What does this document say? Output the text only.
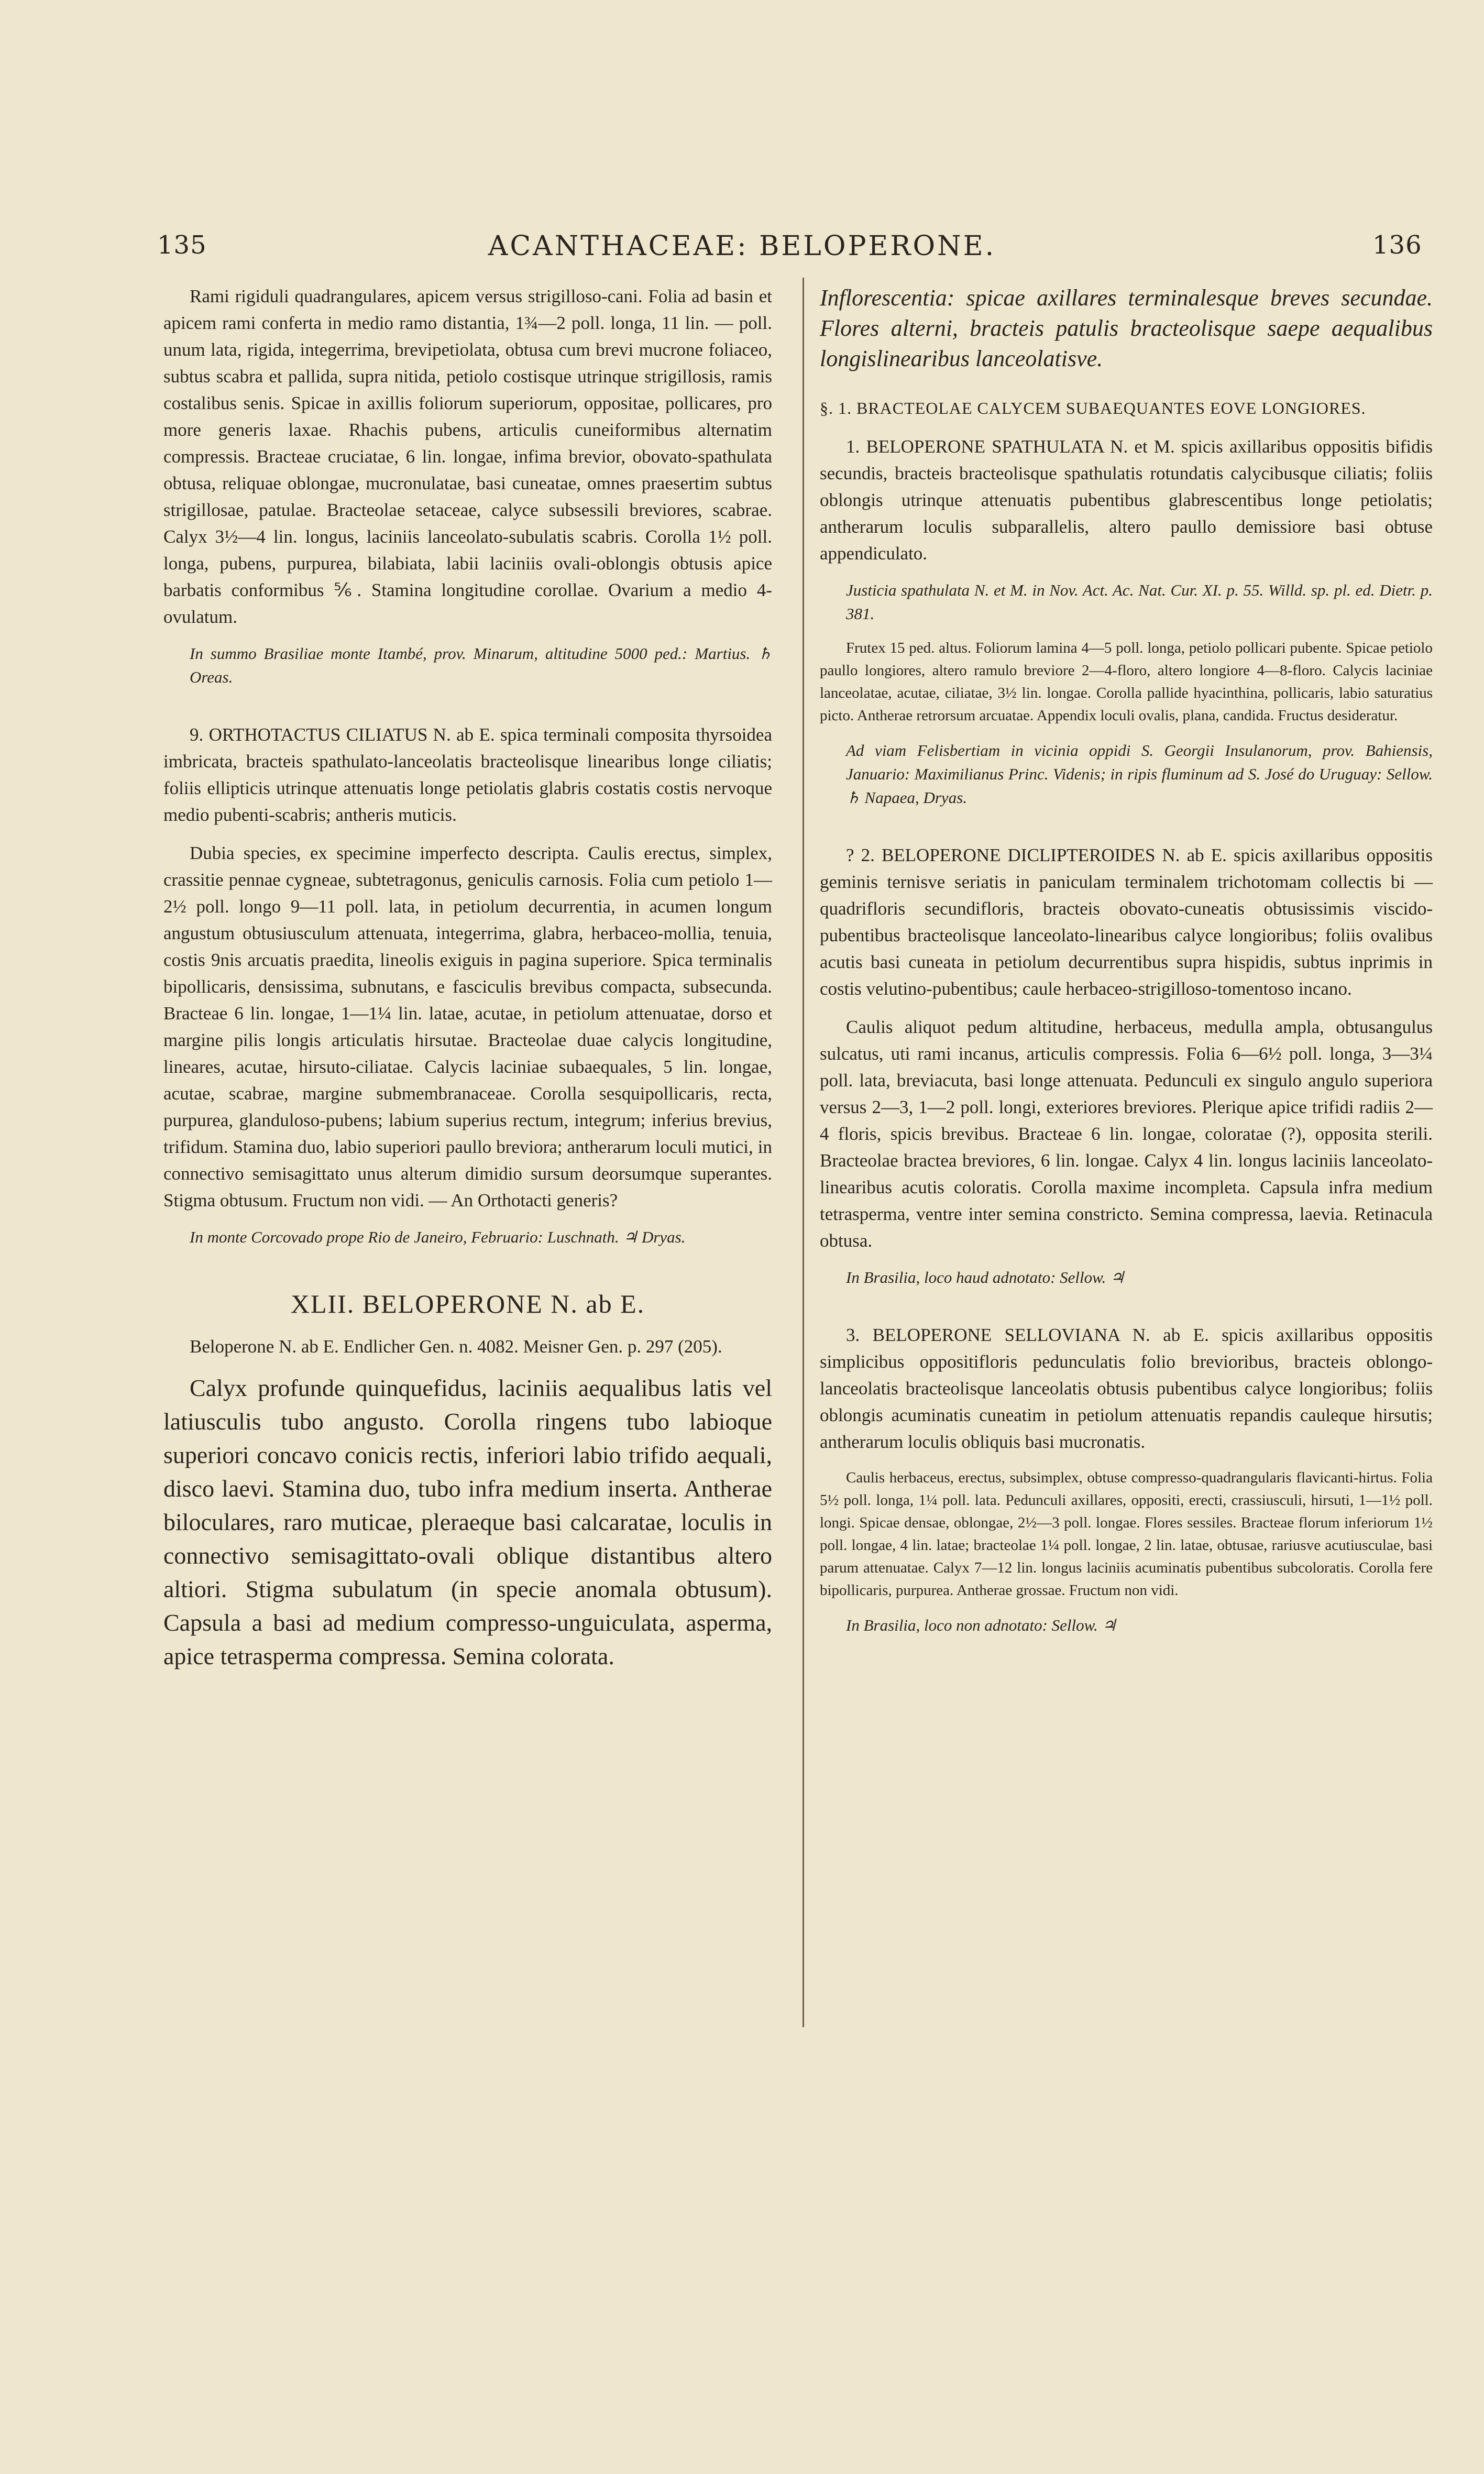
135	ACANTHACEAE: BELOPERONE.	136

Rami rigiduli quadrangulares, apicem versus strigilloso-cani. Folia ad basin et apicem rami conferta in medio ramo distantia, 1¾—2 poll. longa, 11 lin. — poll. unum lata, rigida, integerrima, brevipetiolata, obtusa cum brevi mucrone foliaceo, subtus scabra et pallida, supra nitida, petiolo costisque utrinque strigillosis, ramis costalibus senis. Spicae in axillis foliorum superiorum, oppositae, pollicares, pro more generis laxae. Rhachis pubens, articulis cuneiformibus alternatim compressis. Bracteae cruciatae, 6 lin. longae, infima brevior, obovato-spathulata obtusa, reliquae oblongae, mucronulatae, basi cuneatae, omnes praesertim subtus strigillosae, patulae. Bracteolae setaceae, calyce subsessili breviores, scabrae. Calyx 3½—4 lin. longus, laciniis lanceolato-subulatis scabris. Corolla 1½ poll. longa, pubens, purpurea, bilabiata, labii laciniis ovali-oblongis obtusis apice barbatis conformibus ⅚. Stamina longitudine corollae. Ovarium a medio 4-ovulatum.

In summo Brasiliae monte Itambé, prov. Minarum, altitudine 5000 ped.: Martius. ♄ Oreas.

9. ORTHOTACTUS CILIATUS N. ab E. spica terminali composita thyrsoidea imbricata, bracteis spathulato-lanceolatis bracteolisque linearibus longe ciliatis; foliis ellipticis utrinque attenuatis longe petiolatis glabris costatis costis nervoque medio pubenti-scabris; antheris muticis.

Dubia species, ex specimine imperfecto descripta. Caulis erectus, simplex, crassitie pennae cygneae, subtetragonus, geniculis carnosis. Folia cum petiolo 1—2½ poll. longo 9—11 poll. lata, in petiolum decurrentia, in acumen longum angustum obtusiusculum attenuata, integerrima, glabra, herbaceo-mollia, tenuia, costis 9nis arcuatis praedita, lineolis exiguis in pagina superiore. Spica terminalis bipollicaris, densissima, subnutans, e fasciculis brevibus compacta, subsecunda. Bracteae 6 lin. longae, 1—1¼ lin. latae, acutae, in petiolum attenuatae, dorso et margine pilis longis articulatis hirsutae. Bracteolae duae calycis longitudine, lineares, acutae, hirsuto-ciliatae. Calycis laciniae subaequales, 5 lin. longae, acutae, scabrae, margine submembranaceae. Corolla sesquipollicaris, recta, purpurea, glanduloso-pubens; labium superius rectum, integrum; inferius brevius, trifidum. Stamina duo, labio superiori paullo breviora; antherarum loculi mutici, in connectivo semisagittato unus alterum dimidio sursum deorsumque superantes. Stigma obtusum. Fructum non vidi. — An Orthotacti generis?

In monte Corcovado prope Rio de Janeiro, Februario: Luschnath. ♃ Dryas.

XLII. BELOPERONE N. ab E.

Beloperone N. ab E. Endlicher Gen. n. 4082. Meisner Gen. p. 297 (205).

Calyx profunde quinquefidus, laciniis aequalibus latis vel latiusculis tubo angusto. Corolla ringens tubo labioque superiori concavo conicis rectis, inferiori labio trifido aequali, disco laevi. Stamina duo, tubo infra medium inserta. Antherae biloculares, raro muticae, pleraeque basi calcaratae, loculis in connectivo semisagittato-ovali oblique distantibus altero altiori. Stigma subulatum (in specie anomala obtusum). Capsula a basi ad medium compresso-unguiculata, asperma, apice tetrasperma compressa. Semina colorata.

Inflorescentia: spicae axillares terminalesque breves secundae. Flores alterni, bracteis patulis bracteolisque saepe aequalibus longislinearibus lanceolatisve.

§. 1. BRACTEOLAE CALYCEM SUBAEQUANTES EOVE LONGIORES.

1. BELOPERONE SPATHULATA N. et M. spicis axillaribus oppositis bifidis secundis, bracteis bracteolisque spathulatis rotundatis calycibusque ciliatis; foliis oblongis utrinque attenuatis pubentibus glabrescentibus longe petiolatis; antherarum loculis subparallelis, altero paullo demissiore basi obtuse appendiculato.

Justicia spathulata N. et M. in Nov. Act. Ac. Nat. Cur. XI. p. 55. Willd. sp. pl. ed. Dietr. p. 381.

Frutex 15 ped. altus. Foliorum lamina 4—5 poll. longa, petiolo pollicari pubente. Spicae petiolo paullo longiores, altero ramulo breviore 2—4-floro, altero longiore 4—8-floro. Calycis laciniae lanceolatae, acutae, ciliatae, 3½ lin. longae. Corolla pallide hyacinthina, pollicaris, labio saturatius picto. Antherae retrorsum arcuatae. Appendix loculi ovalis, plana, candida. Fructus desideratur.

Ad viam Felisbertiam in vicinia oppidi S. Georgii Insulanorum, prov. Bahiensis, Januario: Maximilianus Princ. Videnis; in ripis fluminum ad S. José do Uruguay: Sellow. ♄ Napaea, Dryas.

? 2. BELOPERONE DICLIPTEROIDES N. ab E. spicis axillaribus oppositis geminis ternisve seriatis in paniculam terminalem trichotomam collectis bi — quadrifloris secundifloris, bracteis obovato-cuneatis obtusissimis viscido-pubentibus bracteolisque lanceolato-linearibus calyce longioribus; foliis ovalibus acutis basi cuneata in petiolum decurrentibus supra hispidis, subtus inprimis in costis velutino-pubentibus; caule herbaceo-strigilloso-tomentoso incano.

Caulis aliquot pedum altitudine, herbaceus, medulla ampla, obtusangulus sulcatus, uti rami incanus, articulis compressis. Folia 6—6½ poll. longa, 3—3¼ poll. lata, breviacuta, basi longe attenuata. Pedunculi ex singulo angulo superiora versus 2—3, 1—2 poll. longi, exteriores breviores. Plerique apice trifidi radiis 2—4 floris, spicis brevibus. Bracteae 6 lin. longae, coloratae (?), opposita sterili. Bracteolae bractea breviores, 6 lin. longae. Calyx 4 lin. longus laciniis lanceolato-linearibus acutis coloratis. Corolla maxime incompleta. Capsula infra medium tetrasperma, ventre inter semina constricto. Semina compressa, laevia. Retinacula obtusa.

In Brasilia, loco haud adnotato: Sellow. ♃

3. BELOPERONE SELLOVIANA N. ab E. spicis axillaribus oppositis simplicibus oppositifloris pedunculatis folio brevioribus, bracteis oblongo-lanceolatis bracteolisque lanceolatis obtusis pubentibus calyce longioribus; foliis oblongis acuminatis cuneatim in petiolum attenuatis repandis cauleque hirsutis; antherarum loculis obliquis basi mucronatis.

Caulis herbaceus, erectus, subsimplex, obtuse compresso-quadrangularis flavicanti-hirtus. Folia 5½ poll. longa, 1¼ poll. lata. Pedunculi axillares, oppositi, erecti, crassiusculi, hirsuti, 1—1½ poll. longi. Spicae densae, oblongae, 2½—3 poll. longae. Flores sessiles. Bracteae florum inferiorum 1½ poll. longae, 4 lin. latae; bracteolae 1¼ poll. longae, 2 lin. latae, obtusae, rariusve acutiusculae, basi parum attenuatae. Calyx 7—12 lin. longus laciniis acuminatis pubentibus subcoloratis. Corolla fere bipollicaris, purpurea. Antherae grossae. Fructum non vidi.

In Brasilia, loco non adnotato: Sellow. ♃
